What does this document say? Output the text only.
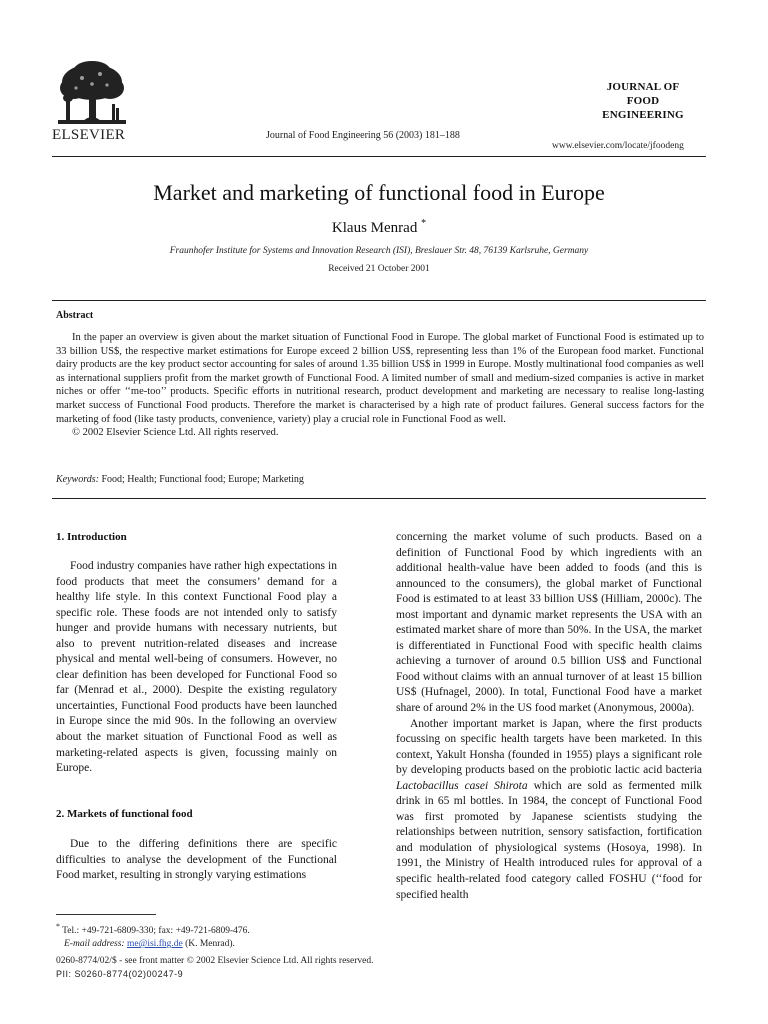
ELSEVIER	Journal of Food Engineering 56 (2003) 181–188
JOURNAL OF
FOOD
ENGINEERING
www.elsevier.com/locate/jfoodeng
Market and marketing of functional food in Europe
Klaus Menrad *
Fraunhofer Institute for Systems and Innovation Research (ISI), Breslauer Str. 48, 76139 Karlsruhe, Germany
Received 21 October 2001
Abstract

In the paper an overview is given about the market situation of Functional Food in Europe. The global market of Functional Food is estimated up to 33 billion US$, the respective market estimations for Europe exceed 2 billion US$, representing less than 1% of the European food market. Functional dairy products are the key product sector accounting for sales of around 1.35 billion US$ in 1999 in Europe. Mostly multinational food companies as well as international suppliers profit from the market growth of Functional Food. A limited number of small and medium-sized companies is active in market niches or offer ‘‘me-too’’ products. Specific efforts in nutritional research, product development and marketing are necessary to realise long-lasting market success of Functional Food products. Therefore the market is characterised by a high rate of product failures. General success factors for the marketing of food (like tasty products, convenience, variety) play a crucial role in Functional Food as well.

© 2002 Elsevier Science Ltd. All rights reserved.

Keywords: Food; Health; Functional food; Europe; Marketing
1. Introduction

Food industry companies have rather high expectations in food products that meet the consumers’ demand for a healthy life style. In this context Functional Food play a specific role. These foods are not intended only to satisfy hunger and provide humans with necessary nutrients, but also to prevent nutrition-related diseases and increase physical and mental well-being of consumers. However, no clear definition has been developed for Functional Food so far (Menrad et al., 2000). Despite the existing regulatory uncertainties, Functional Food products have been launched in Europe since the mid 90s. In the following an overview about the market situation of Functional Food as well as marketing-related aspects is given, focussing mainly on Europe.

2. Markets of functional food

Due to the differing definitions there are specific difficulties to analyse the development of the Functional Food market, resulting in strongly varying estimations

concerning the market volume of such products. Based on a definition of Functional Food by which ingredients with an additional health-value have been added to foods (and this is announced to the consumers), the global market of Functional Food is estimated to at least 33 billion US$ (Hilliam, 2000c). The most important and dynamic market represents the USA with an estimated market share of more than 50%. In the USA, the market is differentiated in Functional Food with specific health claims achieving a turnover of around 0.5 billion US$ and Functional Food without claims with an annual turnover of at least 15 billion US$ (Hufnagel, 2000). In total, Functional Food have a market share of around 2% in the US food market (Anonymous, 2000a).

Another important market is Japan, where the first products focussing on specific health targets have been marketed. In this context, Yakult Honsha (founded in 1955) plays a significant role by developing products based on the probiotic lactic acid bacteria Lactobacillus casei Shirota which are sold as fermented milk drink in 65 ml bottles. In 1984, the concept of Functional Food was first promoted by Japanese scientists studying the relationships between nutrition, sensory satisfaction, fortification and modulation of physiological systems (Hosoya, 1998). In 1991, the Ministry of Health introduced rules for approval of a specific health-related food category called FOSHU (‘‘food for specified health

* Tel.: +49-721-6809-330; fax: +49-721-6809-476.
E-mail address: me@isi.fhg.de (K. Menrad).
0260-8774/02/$ - see front matter © 2002 Elsevier Science Ltd. All rights reserved.
PII: S0260-8774(02)00247-9
